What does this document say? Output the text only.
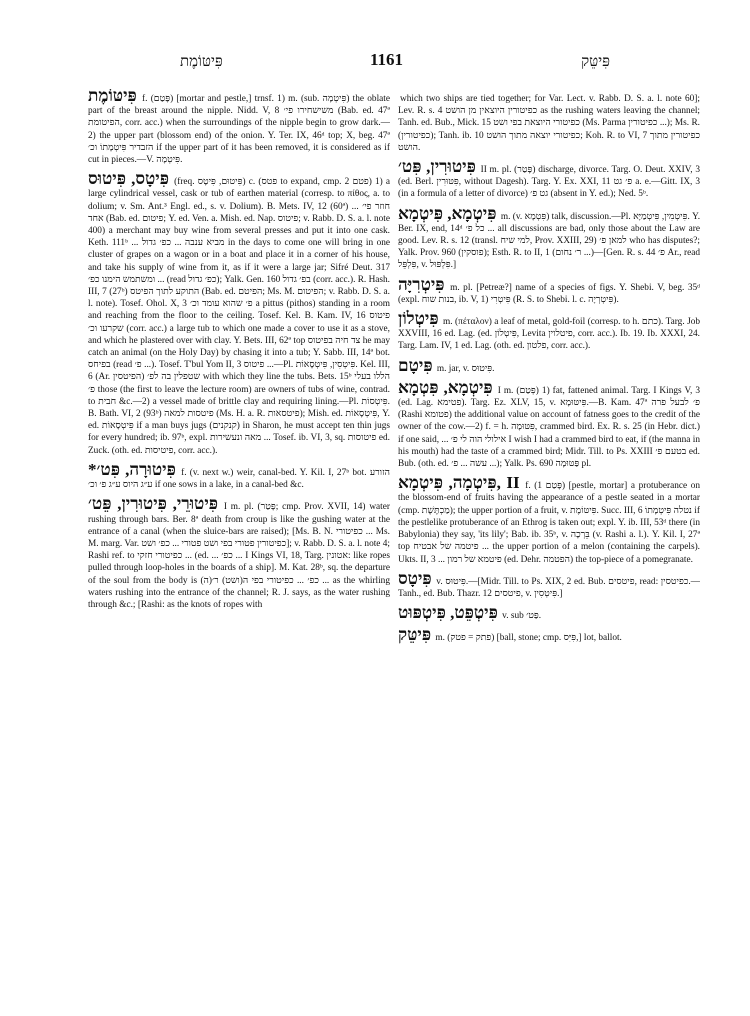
פִּיטּוֹמֶת	1161	פִּיטֵּק

פִּיטּוֹמֶת f. (פָּטַם) [mortar and pestle,] trnsf. 1) m. (sub. פִּיטְמָה) the oblate part of the breast around the nipple. Nidd. V, 8 משישחירו פי׳ (Bab. ed. 47ª הפיטומת, corr. acc.) when the surroundings of the nipple begin to grow dark.— 2) the upper part (blossom end) of the onion. Y. Ter. IX, 46ᵈ top; X, beg. 47ª הזבדיר פִּיטְמָתוֹ וכ׳ if the upper part of it has been removed, it is considered as if cut in pieces.—V. פִּיטְמָה.

פִּיטָס, פִּיטוּס (freq. פִּיטוּם, פִּיטָס) c. (פטס to expand, cmp. פטם 2) 1) a large cylindrical vessel, cask or tub of earthen material (corresp. to πίθος, a. to dolium; v. Sm. Ant.³ Engl. ed., s. v. Dolium). B. Mets. IV, 12 (60ª) ... חוזר פי׳ אחד (Bab. ed. פיטום; Y. ed. Ven. a. Mish. ed. Nap. פיטוס; v. Rabb. D. S. a. l. note 400) a merchant may buy wine from several presses and put it into one cask. Keth. 111ᵇ ... מביא ענבה ... כפ׳ גדול in the days to come one will bring in one cluster of grapes on a wagon or in a boat and place it in a corner of his house, and take his supply of wine from it, as if it were a large jar; Sifré Deut. 317 ומשתמש הימנו כפ׳ ... (read כפ׳ גדול); Yalk. Gen. 160 בפ׳ גדול (corr. acc.). R. Hash. III, 7 (27ᵇ) התוקע לתוך הפיטס (Bab. ed. הפיטם; Ms. M. הפיטום; v. Rabb. D. S. a. l. note). Tosef. Ohol. X, 3 פ׳ שהוא עומד וכ׳ a pittus (pithos) standing in a room and reaching from the floor to the ceiling. Tosef. Kel. B. Kam. IV, 16 פיטוס שקרעו וכ׳ (corr. acc.) a large tub to which one made a cover to use it as a stove, and which he plastered over with clay. Y. Bets. III, 62ª top צד חיה בפיטוס he may catch an animal (on the Holy Day) by chasing it into a tub; Y. Sabb. III, 14ª bot. בפיחס (read פ׳ ...). Tosef. T'bul Yom II, 3 פיטוס ...—Pl. פִּיטְסִין, פִּיטְסָאוֹת. Kel. III, 6 (Ar. הפיטסין) שטפלין בה לפ׳ with which they line the tubs. Bets. 15ᵇ הללו בעלי פ׳ those (the first to leave the lecture room) are owners of tubs of wine, contrad. to חבית &c.—2) a vessel made of brittle clay and requiring lining.—Pl. פִּיטְסוֹת. B. Bath. VI, 2 (93ᵇ) פיטסות למאה (Ms. H. a. R. פיטסאות); Mish. ed. פִּיטְסָאוֹת, Y. ed. פִּיטְסָאוֹת if a man buys jugs (קנקנים) in Sharon, he must accept ten thin jugs for every hundred; ib. 97ᵇ, expl. מאה ונעשירות ... Tosef. ib. VI, 3, sq. פיטוסות ed. Zuck. (oth. ed. פיטיסות, corr. acc.).

*פִּיטוּרָה, פִּט׳ f. (v. next w.) weir, canal-bed. Y. Kil. I, 27ᵇ bot. הזורע ע״ג היוס ע״ג פ׳ וכ׳ if one sows in a lake, in a canal-bed &c.

פִּיטוּרֵי, פִּיטוּרִין, פֵּט׳ I m. pl. (פָּטַר; cmp. Prov. XVII, 14) water rushing through bars. Ber. 8ª death from croup is like the gushing water at the entrance of a canal (when the sluice-bars are raised); [Ms. B. N. כפיטורי ... Ms. M. marg. Var. כפיטורין פטורי בפי ושט פטורי ... כפ׳ ושט]; v. Rabb. D. S. a. l. note 4; Rashi ref. to כפיטורי חזקי ... (ed. ... כפ׳ ... I Kings VI, 18, Targ. אטונין: like ropes pulled through loop-holes in the boards of a ship]. M. Kat. 28ᵇ, sq. the departure of the soul from the body is (ה)כפ׳ ... כפיטורי בפי ה(ושט) ר׳ ... as the whirling waters rushing into the entrance of the channel; R. J. says, as the water rushing through &c.; [Rashi: as the knots of ropes with

which two ships are tied together; for Var. Lect. v. Rabb. D. S. a. l. note 60]; Lev. R. s. 4 כפיטורין היוצאין מן הושט as the rushing waters leaving the channel; Tanh. ed. Bub., Mick. 15 כפיטורי היוצאת בפי ושט (Ms. Parma כפיטורין ...); Ms. R. (כפיטורין); Tanh. ib. 10 כפיטורי יוצאה מתוך הושט; Koh. R. to VI, 7 כפיטורין מתוך הושט.

פִּיטוּרִין, פִּט׳ II m. pl. (פָּטַר) discharge, divorce. Targ. O. Deut. XXIV, 3 (ed. Berl. פִּטּוּרִין, without Dagesh). Targ. Y. Ex. XXI, 11 פ׳ גט a. e.—Gitt. IX, 3 (in a formula of a letter of divorce) גט פ׳ (absent in Y. ed.); Ned. 5ᵇ.

פִּיטְמָא, פִּיטְמָא m. (v. פִּטְמָא) talk, discussion.—Pl. פִּיטְמִין, פִּיטְמַיָּא. Y. Ber. IX, end, 14ᵈ כל פ׳ ... all discussions are bad, only those about the Law are good. Lev. R. s. 12 (transl. למי שיח, Prov. XXIII, 29) למאן פ׳ who has disputes?; Yalk. Prov. 960 (פוסקין); Esth. R. to II, 1 (ר׳ נחום ...)—[Gen. R. s. 44 פ׳ Ar., read פִּלְפֵּל, v. פִּלְפּוּל.]

פִּיטְרִיָּה m. pl. [Petreæ?] name of a species of figs. Y. Shebi. V, beg. 35ᵈ (expl. בנות שוח, ib. V, 1) פִּיטְרִי (R. S. to Shebi. l. c. פִּיטְרְיָה).

פִּיטְלוֹן m. (πέταλον) a leaf of metal, gold-foil (corresp. to h. כתם). Targ. Job XXVIII, 16 ed. Lag. (ed. פִּיטְלוֹן, Levita פיטלוין, corr. acc.). Ib. 19. Ib. XXXI, 24. Targ. Lam. IV, 1 ed. Lag. (oth. ed. פלטון, corr. acc.).

פִּיטָם m. jar, v. פִּיטוּס.

פִּיטְמָא, פִּטְמָא I m. (פְּטַם) 1) fat, fattened animal. Targ. I Kings V, 3 (ed. Lag. פטימא). Targ. Ez. XLV, 15, v. פִּיטּוּמָא.—B. Kam. 47ª פ׳ לבעל פרה (Rashi פטומא) the additional value on account of fatness goes to the credit of the owner of the cow.—2) f. = h. פִּטּוּמָה, crammed bird. Ex. R. s. 25 (in Hebr. dict.) if one said, ... אילולי הוה לי פ׳ I wish I had a crammed bird to eat, if (the manna in his mouth) had the taste of a crammed bird; Midr. Till. to Ps. XXIII בטעם פ׳ ed. Bub. (oth. ed. עשה ... פ׳ ...); Yalk. Ps. 690 פַּטּוּמָה pl.

פִּיטְמָה, פִּיטְמָא, II f. (פָּטַם 1) [pestle, mortar] a protuberance on the blossom-end of fruits having the appearance of a pestle seated in a mortar (cmp. מַכְתֶּשֶׁת); the upper portion of a fruit, v. פִּיטּוֹמֶת. Succ. III, 6 נטלה פִּיטְמָתוֹ if the pestlelike protuberance of an Ethrog is taken out; expl. Y. ib. III, 53ᵈ there (in Babylonia) they say, 'its lily'; Bab. ib. 35ᵇ, v. בֵּרְכָה (v. Rashi a. l.). Y. Kil. I, 27ª top פיטמה של אבטיח ... the upper portion of a melon (containing the carpels). Ukts. II, 3 ... פיטמא של רמון (ed. Dehr. הפטמה) the top-piece of a pomegranate.

פִּיטָס v. פִּיטוּס.—[Midr. Till. to Ps. XIX, 2 ed. Bub. פיטסים, read: כפיטסין.—Tanh., ed. Bub. Thazr. 12 פיטסים, v. פִּיטְסִין.]

פִּיטְפֵּט, פִּיטְפּוּט v. sub פַּט׳.

פִּיטֵּק m. (פתק = פטק) [ball, stone; cmp. פִּיִּס,] lot, ballot.
